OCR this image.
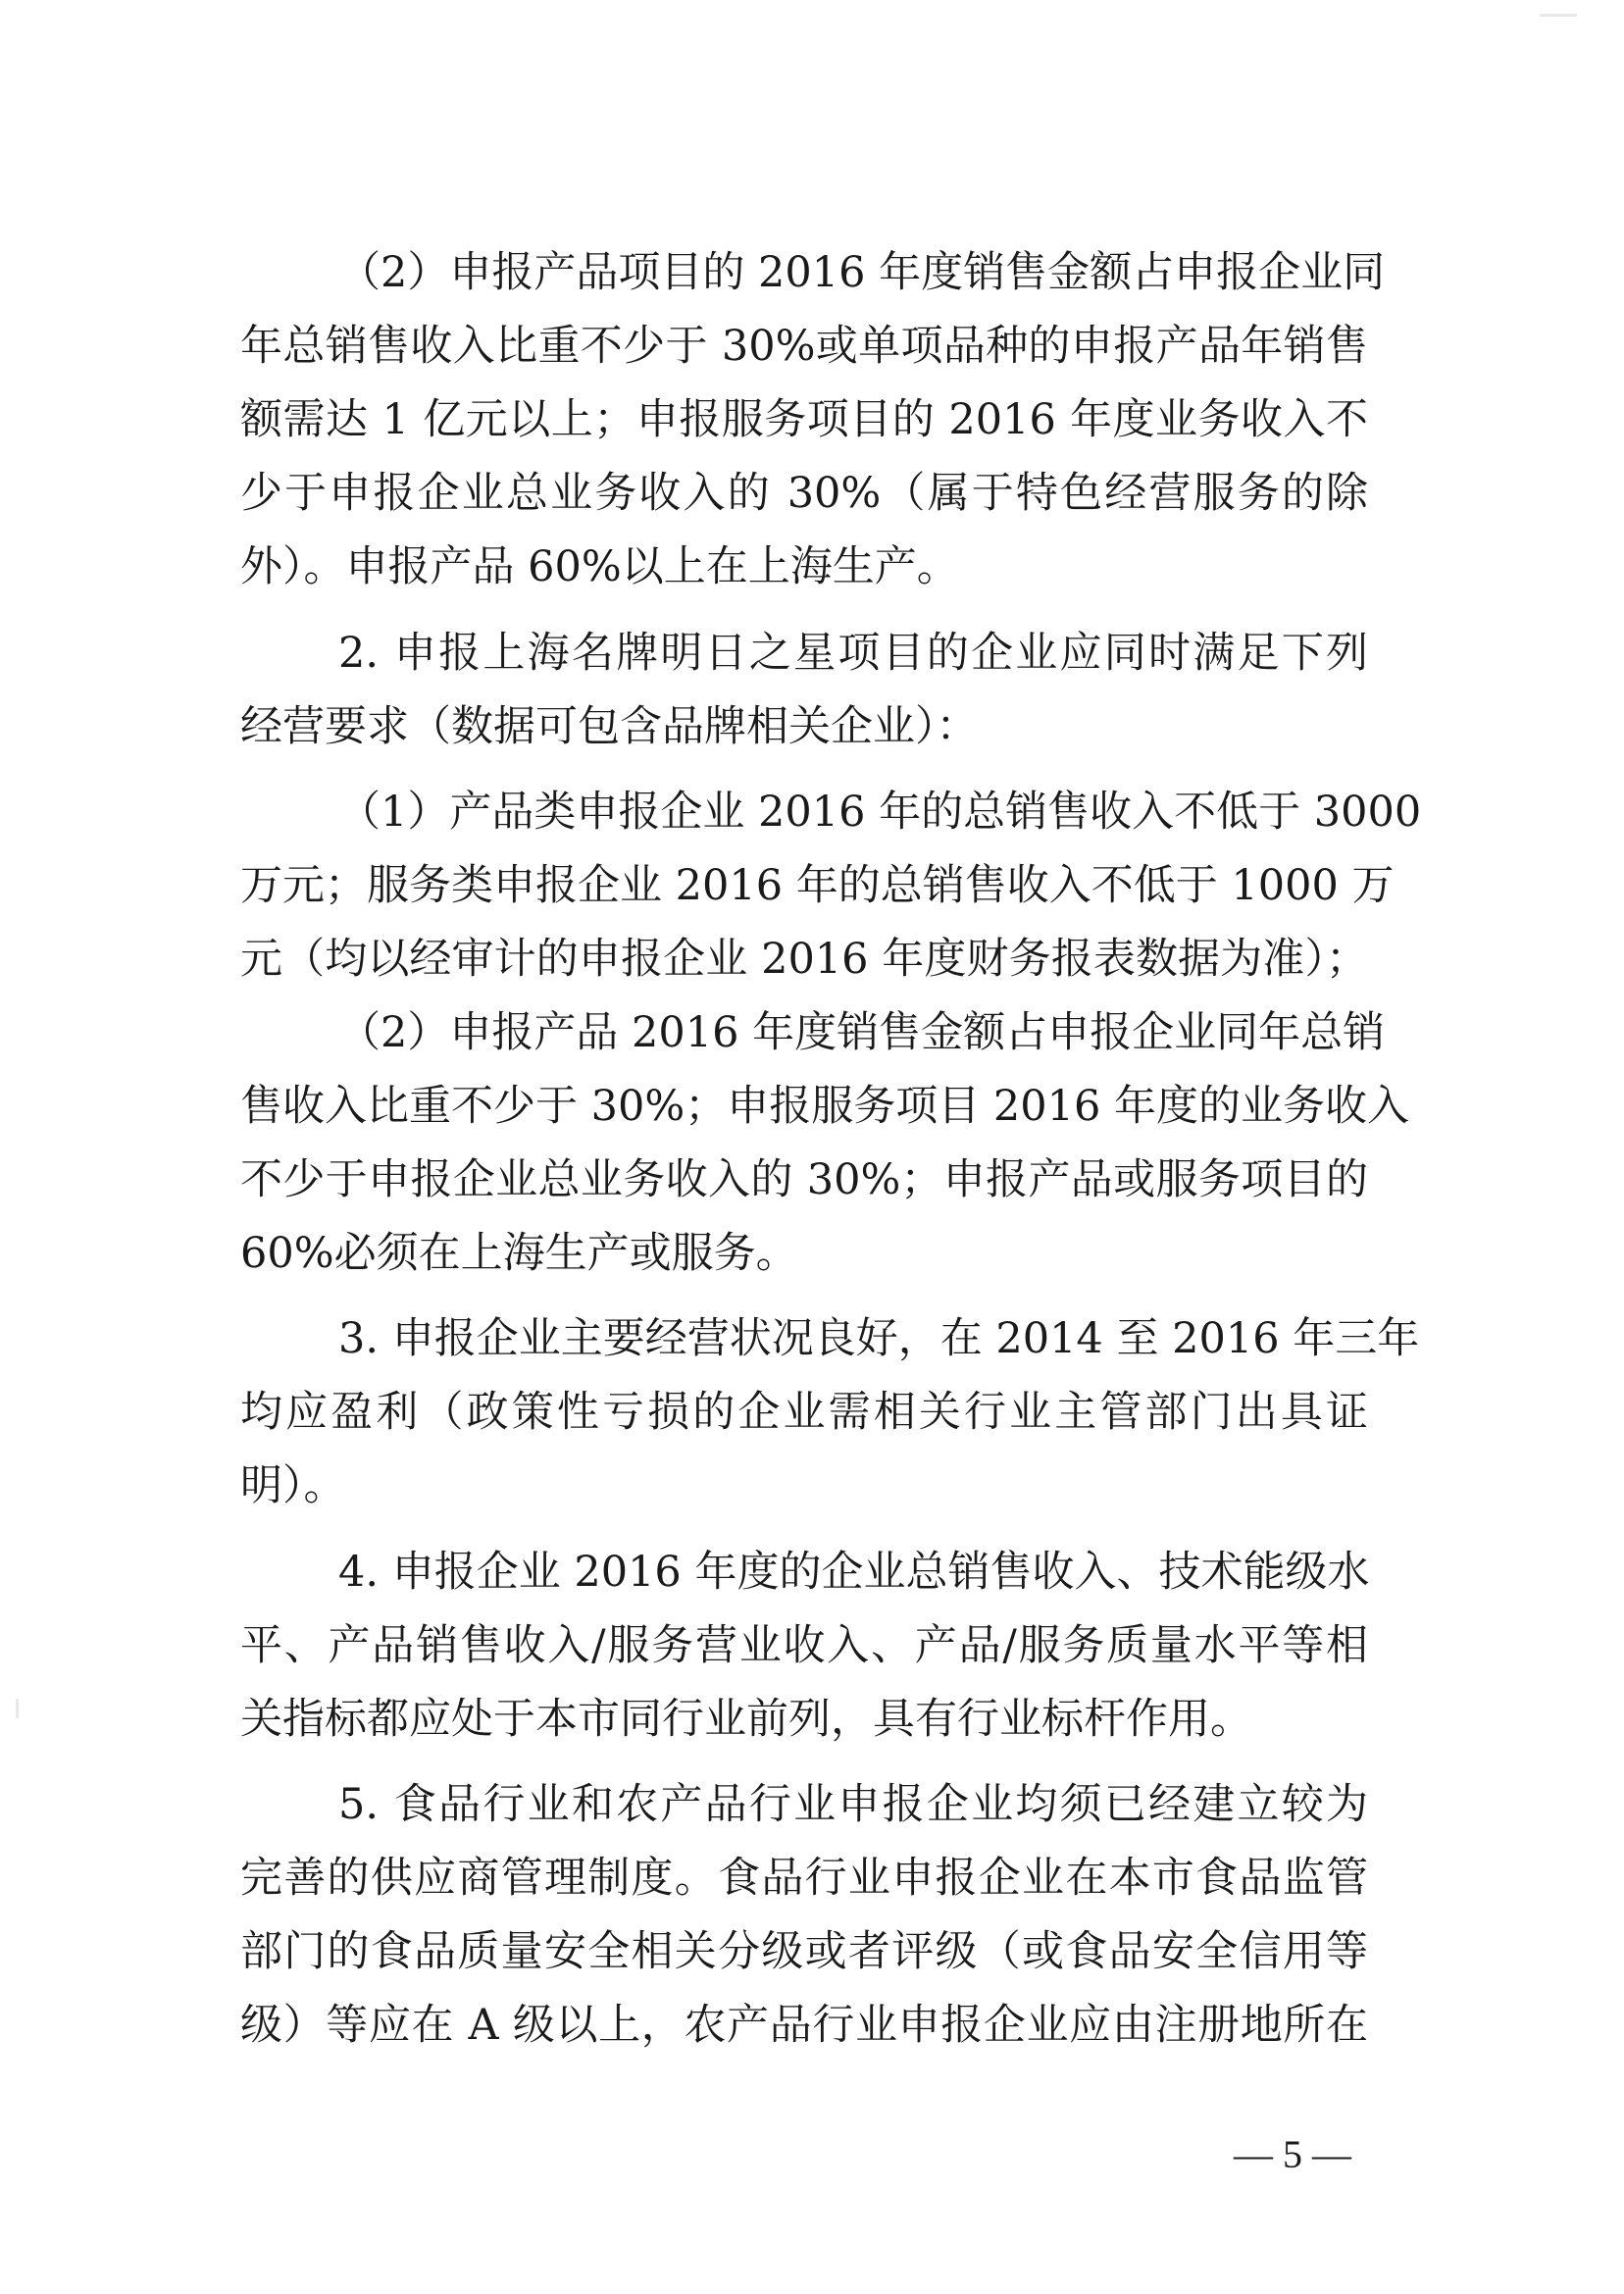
（2）申报产品项目的 2016 年度销售金额占申报企业同
年总销售收入比重不少于 30%或单项品种的申报产品年销售
额需达 1 亿元以上；申报服务项目的 2016 年度业务收入不
少于申报企业总业务收入的 30%（属于特色经营服务的除
外）。申报产品 60%以上在上海生产。
2. 申报上海名牌明日之星项目的企业应同时满足下列
经营要求（数据可包含品牌相关企业）：
（1）产品类申报企业 2016 年的总销售收入不低于 3000
万元；服务类申报企业 2016 年的总销售收入不低于 1000 万
元（均以经审计的申报企业 2016 年度财务报表数据为准）；
（2）申报产品 2016 年度销售金额占申报企业同年总销
售收入比重不少于 30%；申报服务项目 2016 年度的业务收入
不少于申报企业总业务收入的 30%；申报产品或服务项目的
60%必须在上海生产或服务。
3. 申报企业主要经营状况良好，在 2014 至 2016 年三年
均应盈利（政策性亏损的企业需相关行业主管部门出具证
明）。
4. 申报企业 2016 年度的企业总销售收入、技术能级水
平、产品销售收入/服务营业收入、产品/服务质量水平等相
关指标都应处于本市同行业前列，具有行业标杆作用。
5. 食品行业和农产品行业申报企业均须已经建立较为
完善的供应商管理制度。食品行业申报企业在本市食品监管
部门的食品质量安全相关分级或者评级（或食品安全信用等
级）等应在 A 级以上，农产品行业申报企业应由注册地所在
— 5 —
